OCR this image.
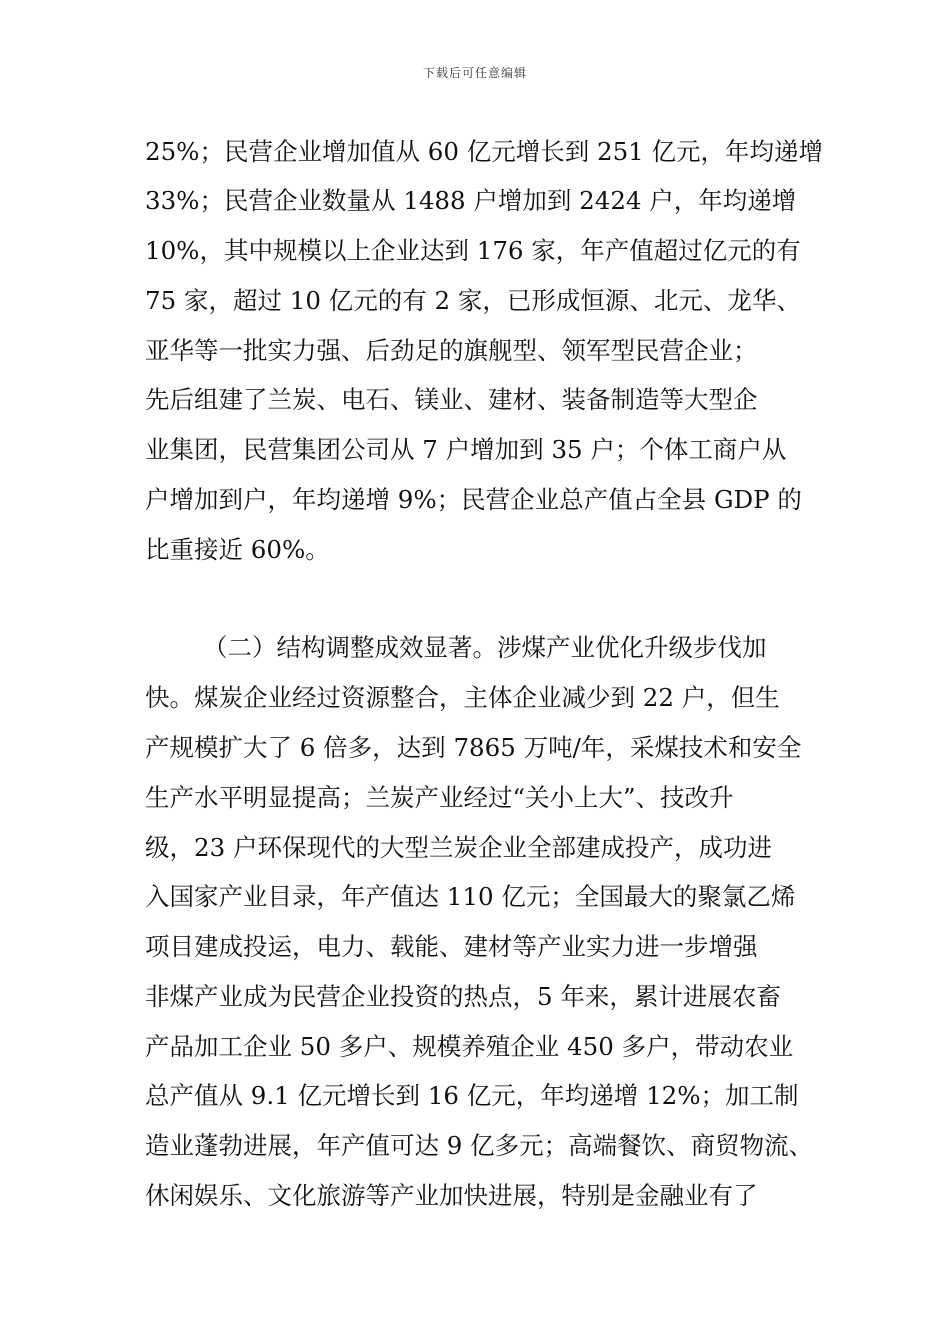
下载后可任意编辑
25%；民营企业增加值从 60 亿元增长到 251 亿元，年均递增
33%；民营企业数量从 1488 户增加到 2424 户，年均递增
10%，其中规模以上企业达到 176 家，年产值超过亿元的有
75 家，超过 10 亿元的有 2 家，已形成恒源、北元、龙华、
亚华等一批实力强、后劲足的旗舰型、领军型民营企业；
先后组建了兰炭、电石、镁业、建材、装备制造等大型企
业集团，民营集团公司从 7 户增加到 35 户；个体工商户从
户增加到户，年均递增 9%；民营企业总产值占全县 GDP 的
比重接近 60%。
（二）结构调整成效显著。涉煤产业优化升级步伐加
快。煤炭企业经过资源整合，主体企业减少到 22 户，但生
产规模扩大了 6 倍多，达到 7865 万吨/年，采煤技术和安全
生产水平明显提高；兰炭产业经过“关小上大”、技改升
级，23 户环保现代的大型兰炭企业全部建成投产，成功进
入国家产业目录，年产值达 110 亿元；全国最大的聚氯乙烯
项目建成投运，电力、载能、建材等产业实力进一步增强
非煤产业成为民营企业投资的热点，5 年来，累计进展农畜
产品加工企业 50 多户、规模养殖企业 450 多户，带动农业
总产值从 9.1 亿元增长到 16 亿元，年均递增 12%；加工制
造业蓬勃进展，年产值可达 9 亿多元；高端餐饮、商贸物流、
休闲娱乐、文化旅游等产业加快进展，特别是金融业有了
